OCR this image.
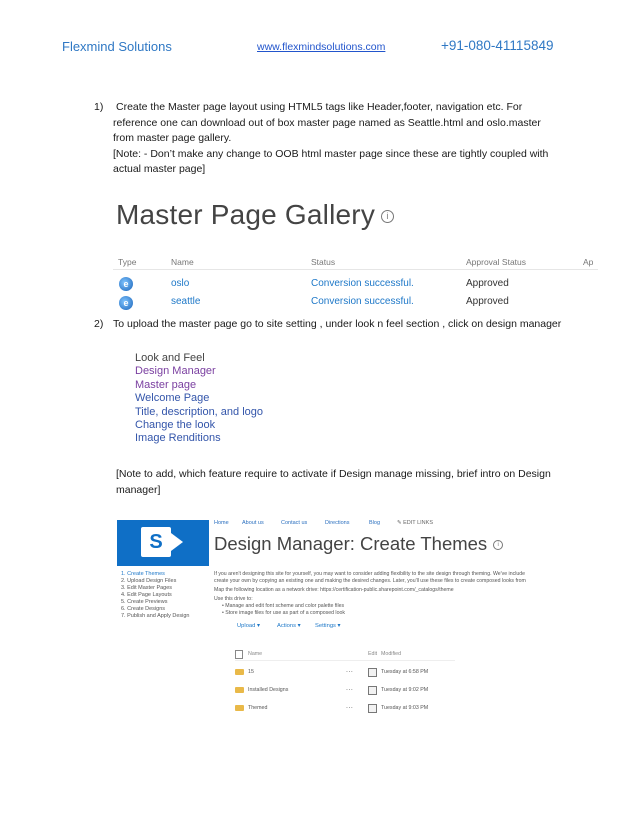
Flexmind Solutions	www.flexmindsolutions.com	+91-080-41115849
1) Create the Master page layout using HTML5 tags like Header,footer, navigation etc. For
reference one can download out of box master page named as Seattle.html and oslo.master
from master page gallery.
[Note: - Don’t make any change to OOB html master page since these are tightly coupled with
actual master page]
Master Page Gallery i
Type	Name	Status	Approval Status	Ap
e	oslo	Conversion successful.	Approved
e	seattle	Conversion successful.	Approved
2) To upload the master page go to site setting , under look n feel section , click on design manager
Look and Feel
Design Manager
Master page
Welcome Page
Title, description, and logo
Change the look
Image Renditions
[Note to add, which feature require to activate if Design manage missing, brief intro on Design
manager]
S
Home About us	Contact us	Directions	Blog	✎ EDIT LINKS
Design Manager: Create Themes i
1. Create Themes
2. Upload Design Files
3. Edit Master Pages
4. Edit Page Layouts
5. Create Previews
6. Create Designs
7. Publish and Apply Design
If you aren't designing this site for yourself, you may want to consider adding flexibility to the site design through theming. We've include
create your own by copying an existing one and making the desired changes. Later, you'll use these files to create composed looks from
Map the following location as a network drive: https://certification-public.sharepoint.com/_catalogs/theme
Use this drive to:
• Manage and edit font scheme and color palette files
• Store image files for use as part of a composed look
Upload ▾	Actions ▾ Settings ▾
Name	Edit Modified
15	...	Tuesday at 6:58 PM
Installed Designs	...	Tuesday at 9:02 PM
Themed	...	Tuesday at 9:03 PM
